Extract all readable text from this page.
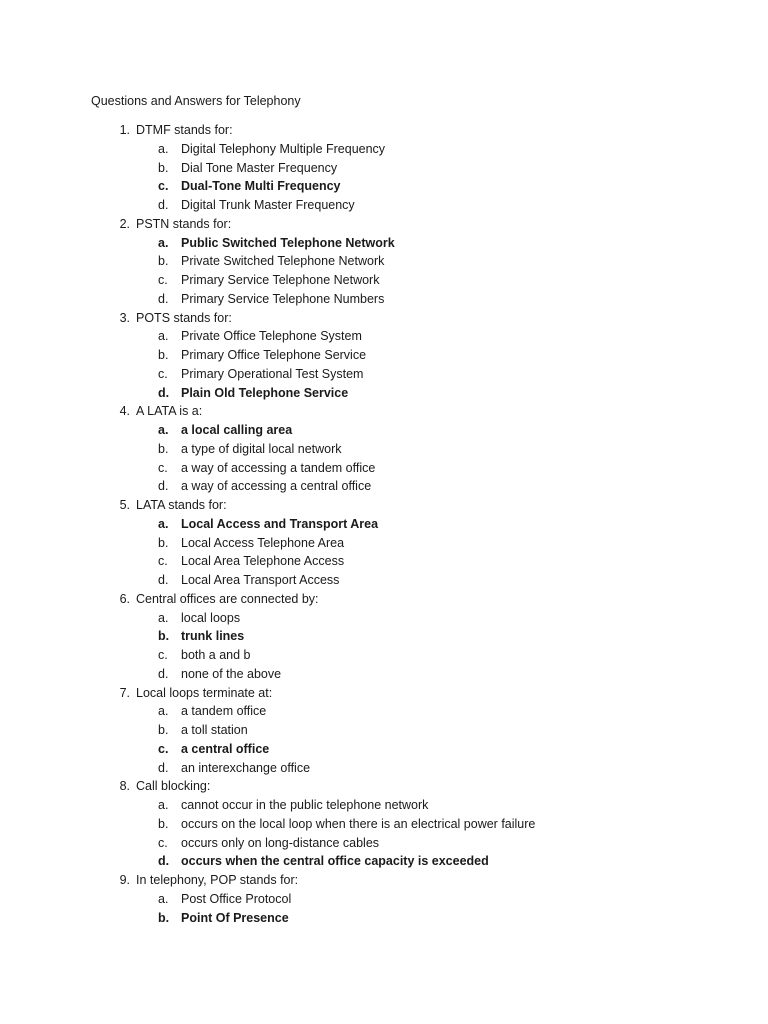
Questions and Answers for Telephony
1. DTMF stands for:
a. Digital Telephony Multiple Frequency
b. Dial Tone Master Frequency
c. Dual-Tone Multi Frequency
d. Digital Trunk Master Frequency
2. PSTN stands for:
a. Public Switched Telephone Network
b. Private Switched Telephone Network
c. Primary Service Telephone Network
d. Primary Service Telephone Numbers
3. POTS stands for:
a. Private Office Telephone System
b. Primary Office Telephone Service
c. Primary Operational Test System
d. Plain Old Telephone Service
4. A LATA is a:
a. a local calling area
b. a type of digital local network
c. a way of accessing a tandem office
d. a way of accessing a central office
5. LATA stands for:
a. Local Access and Transport Area
b. Local Access Telephone Area
c. Local Area Telephone Access
d. Local Area Transport Access
6. Central offices are connected by:
a. local loops
b. trunk lines
c. both a and b
d. none of the above
7. Local loops terminate at:
a. a tandem office
b. a toll station
c. a central office
d. an interexchange office
8. Call blocking:
a. cannot occur in the public telephone network
b. occurs on the local loop when there is an electrical power failure
c. occurs only on long-distance cables
d. occurs when the central office capacity is exceeded
9. In telephony, POP stands for:
a. Post Office Protocol
b. Point Of Presence
